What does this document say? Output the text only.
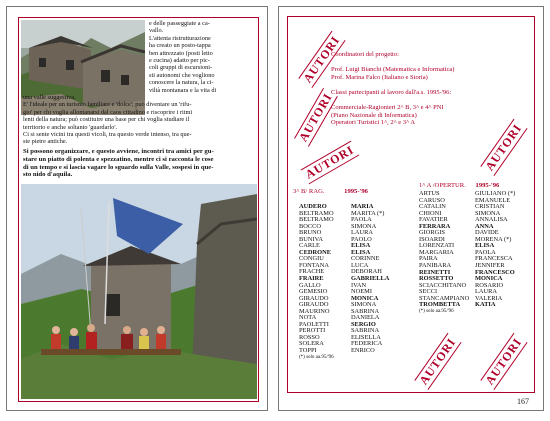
e delle passeggiate a ca-
vallo.
L'attenta ristrutturazione
ha creato un posto-tappa
ben attrezzato (posti letto
e cucina) adatto per pic-
coli gruppi di escursioni-
sti autonomi che vogliono
conoscere la natura, la ci-
viltà montanara e la vita di
una valle suggestiva.
E' l'ideale per un turismo familiare e 'dolce'; può diventare un 'rifu-
gio' per chi voglia allontanarsi dal caos cittadino e riscoprire i ritmi
lenti della natura; può costituire una base per chi voglia studiare il
territorio e anche soltanto 'guardarlo'.
Ci si sente vicini tra questi vicoli, tra questo verde intenso, tra que-
ste pietre antiche.
Si possono organizzare, e questo avviene, incontri tra amici per gu-
stare un piatto di polenta e spezzatino, mentre ci si racconta le cose
di un tempo e si lascia vagare lo sguardo sulla Valle, sospesi in que-
sto nido d'aquila.
AUTORI
AUTORI
AUTORI	AUTORI
AUTORI AUTORI
Coordinatori del progetto:

Prof. Luigi Bianchi (Matematica e Informatica)
Prof. Marina Falco (Italiano e Storia)

Classi partecipanti al lavoro dall'a.s. 1995-'96:

Commerciale-Ragionieri 2^ B, 3^ e 4^ PNI
(Piano Nazionale di Informatica)
Operatori Turistici 1^, 2^ e 3^ A
3^ B/ RAG.	1995-'96
1^ A /OPERTUR. 1995-'96
AUDERO
BELTRAMO
BELTRAMO
BOCCO
BRUNO
BUNIVA
CARLE
CEDRONE
CONGIU
FONTANA
FRACHE
FRAIRE
GALLO
GEMESIO
GIRAUDO
GIRAUDO
MAURINO
NOTA
PAOLETTI
PEROTTI
ROSSO
SOLERA
TOPPI
(*) solo aa.95/'96
MARIA
MARITA (*)
PAOLA
SIMONA
LAURA
PAOLO
ELISA
ELISA
CORINNE
LUCA
DEBORAH
GABRIELLA
IVAN
NOEMI
MONICA
SIMONA
SABRINA
DANIELA
SERGIO
SABRINA
ELISELLA
FEDERICA
ENRICO
ARTUS
CARUSO
CATALIN
CHIONI
FAVATIER
FERRARA
GIORGIS
ISOARDI
LORENZATI
MARGARIA
PAIRA
PANIBARA
REINETTI
ROSSETTO
SCIACCHITANO
SECCI
STANCAMPIANO
TROMBETTA
(*) solo aa.95/'96
GIULIANO (*)
EMANUELE
CRISTIAN
SIMONA
ANNALISA
ANNA
DAVIDE
MORENA (*)
ELISA
PAOLA
FRANCESCA
JENNIFER
FRANCESCO
MONICA
ROSARIO
LAURA
VALERIA
KATIA
167
